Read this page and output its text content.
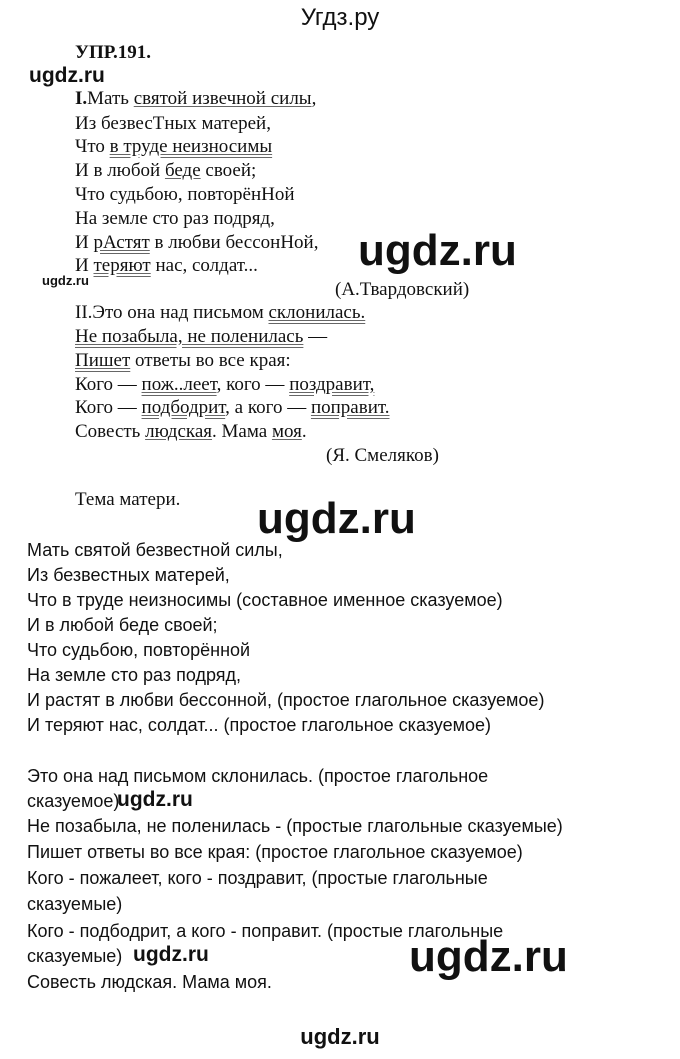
Угдз.ру
УПР.191.
ugdz.ru
I.Мать святой извечной силы,
Из безвесТных матерей,
Что в труде неизносимы
И в любой беде своей;
Что судьбою, повторёнНой
На земле сто раз подряд,
И рАстят в любви бессонНой,
И теряют нас, солдат...
ugdz.ru
ugdz.ru
(А.Твардовский)
II.Это она над письмом склонилась.
Не позабыла, не поленилась —
Пишет ответы во все края:
Кого — пож..леет, кого — поздравит,
Кого — подбодрит, а кого — поправит.
Совесть людская. Мама моя.
(Я. Смеляков)
Тема матери. ugdz.ru
Мать святой безвестной силы,
Из безвестных матерей,
Что в труде неизносимы (составное именное сказуемое)
И в любой беде своей;
Что судьбою, повторённой
На земле сто раз подряд,
И растят в любви бессонной, (простое глагольное сказуемое)
И теряют нас, солдат... (простое глагольное сказуемое)
Это она над письмом склонилась. (простое глагольное
сказуемое)
ugdz.ru
Не позабыла, не поленилась - (простые глагольные сказуемые)
Пишет ответы во все края: (простое глагольное сказуемое)
Кого - пожалеет, кого - поздравит, (простые глагольные
сказуемые)
Кого - подбодрит, а кого - поправит. (простые глагольные
сказуемые) ugdz.ru	ugdz.ru
Совесть людская. Мама моя.
ugdz.ru
